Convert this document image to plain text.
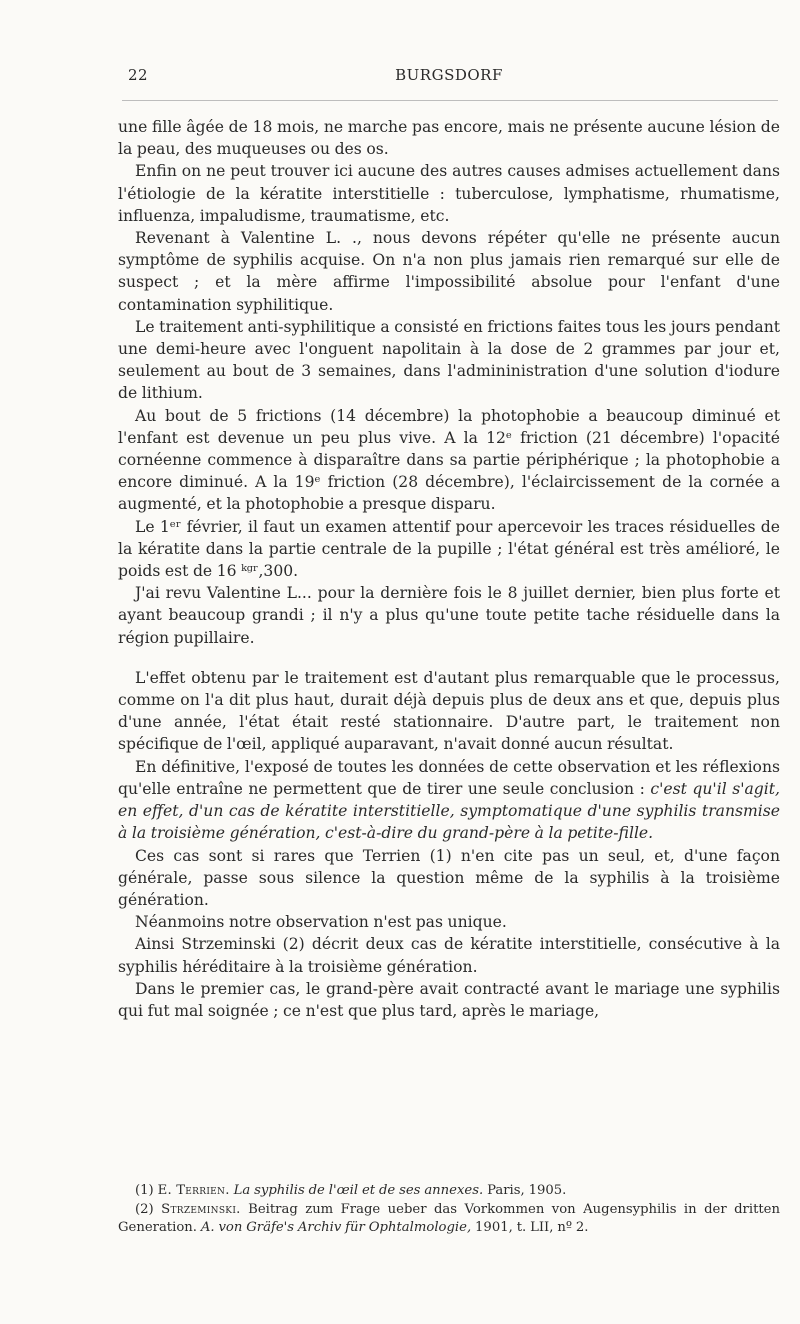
22	BURGSDORF

une fille âgée de 18 mois, ne marche pas encore, mais ne présente aucune lésion de la peau, des muqueuses ou des os.

Enfin on ne peut trouver ici aucune des autres causes admises actuellement dans l'étiologie de la kératite interstitielle : tuberculose, lymphatisme, rhumatisme, influenza, impaludisme, traumatisme, etc.

Revenant à Valentine L. ., nous devons répéter qu'elle ne présente aucun symptôme de syphilis acquise. On n'a non plus jamais rien remarqué sur elle de suspect ; et la mère affirme l'impossibilité absolue pour l'enfant d'une contamination syphilitique.

Le traitement anti-syphilitique a consisté en frictions faites tous les jours pendant une demi-heure avec l'onguent napolitain à la dose de 2 grammes par jour et, seulement au bout de 3 semaines, dans l'admininistration d'une solution d'iodure de lithium.

Au bout de 5 frictions (14 décembre) la photophobie a beaucoup diminué et l'enfant est devenue un peu plus vive. A la 12ᵉ friction (21 décembre) l'opacité cornéenne commence à disparaître dans sa partie périphérique ; la photophobie a encore diminué. A la 19ᵉ friction (28 décembre), l'éclaircissement de la cornée a augmenté, et la photophobie a presque disparu.

Le 1ᵉʳ février, il faut un examen attentif pour apercevoir les traces résiduelles de la kératite dans la partie centrale de la pupille ; l'état général est très amélioré, le poids est de 16 ᵏᵍʳ,300.

J'ai revu Valentine L... pour la dernière fois le 8 juillet dernier, bien plus forte et ayant beaucoup grandi ; il n'y a plus qu'une toute petite tache résiduelle dans la région pupillaire.

L'effet obtenu par le traitement est d'autant plus remarquable que le processus, comme on l'a dit plus haut, durait déjà depuis plus de deux ans et que, depuis plus d'une année, l'état était resté stationnaire. D'autre part, le traitement non spécifique de l'œil, appliqué auparavant, n'avait donné aucun résultat.

En définitive, l'exposé de toutes les données de cette observation et les réflexions qu'elle entraîne ne permettent que de tirer une seule conclusion : c'est qu'il s'agit, en effet, d'un cas de kératite interstitielle, symptomatique d'une syphilis transmise à la troisième génération, c'est-à-dire du grand-père à la petite-fille.

Ces cas sont si rares que Terrien (1) n'en cite pas un seul, et, d'une façon générale, passe sous silence la question même de la syphilis à la troisième génération.

Néanmoins notre observation n'est pas unique.

Ainsi Strzeminski (2) décrit deux cas de kératite interstitielle, consécutive à la syphilis héréditaire à la troisième génération.

Dans le premier cas, le grand-père avait contracté avant le mariage une syphilis qui fut mal soignée ; ce n'est que plus tard, après le mariage,

(1) E. Terrien. La syphilis de l'œil et de ses annexes. Paris, 1905.

(2) Strzeminski. Beitrag zum Frage ueber das Vorkommen von Augensyphilis in der dritten Generation. A. von Gräfe's Archiv für Ophtalmologie, 1901, t. LII, nº 2.
